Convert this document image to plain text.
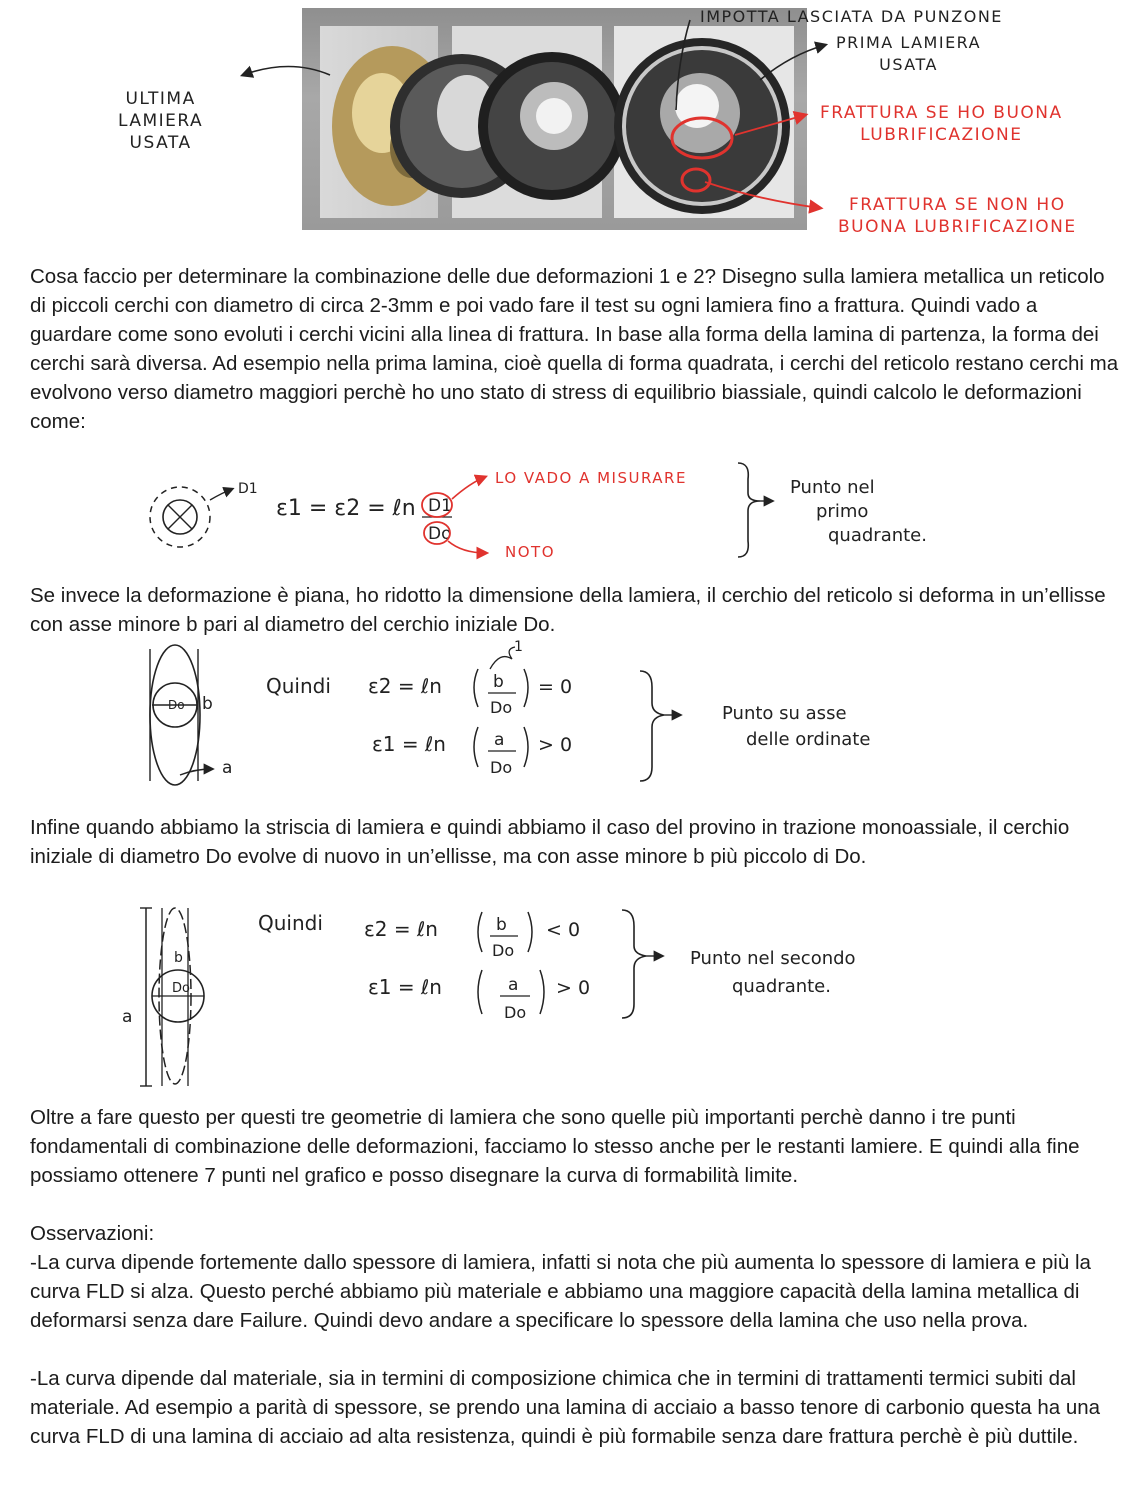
ULTIMA
LAMIERA
USATA
IMPOTTA LASCIATA DA PUNZONE
PRIMA LAMIERA
USATA
FRATTURA SE HO BUONA
LUBRIFICAZIONE
FRATTURA SE NON HO
BUONA LUBRIFICAZIONE

Cosa faccio per determinare la combinazione delle due deformazioni 1 e 2? Disegno sulla lamiera metallica un reticolo di piccoli cerchi con diametro di circa 2-3mm e poi vado fare il test su ogni lamiera fino a frattura. Quindi vado a guardare come sono evoluti i cerchi vicini alla linea di frattura. In base alla forma della lamina di partenza, la forma dei cerchi sarà diversa. Ad esempio nella prima lamina, cioè quella di forma quadrata, i cerchi del reticolo restano cerchi ma evolvono verso diametro maggiori perchè ho uno stato di stress di equilibrio biassiale, quindi calcolo le deformazioni come:

D1
ε1 = ε2 = ℓn D1
Do
LO VADO A MISURARE
NOTO
Punto nel
primo
quadrante.

Se invece la deformazione è piana, ho ridotto la dimensione della lamiera, il cerchio del reticolo si deforma in un’ellisse con asse minore b pari al diametro del cerchio iniziale Do.

Do b
a
Quindi ε2 = ℓn	b
Do
= 0
1
ε1 = ℓn	a
Do
> 0
Punto su asse
delle ordinate

Infine quando abbiamo la striscia di lamiera e quindi abbiamo il caso del provino in trazione monoassiale, il cerchio iniziale di diametro Do evolve di nuovo in un’ellisse, ma con asse minore b più piccolo di Do.

a
Do
b
Quindi ε2 = ℓn	b
Do
< 0
ε1 = ℓn	a
Do
> 0
Punto nel secondo
quadrante.

Oltre a fare questo per questi tre geometrie di lamiera che sono quelle più importanti perchè danno i tre punti fondamentali di combinazione delle deformazioni, facciamo lo stesso anche per le restanti lamiere. E quindi alla fine possiamo ottenere 7 punti nel grafico e posso disegnare la curva di formabilità limite.

Osservazioni:

-La curva dipende fortemente dallo spessore di lamiera, infatti si nota che più aumenta lo spessore di lamiera e più la curva FLD si alza. Questo perché abbiamo più materiale e abbiamo una maggiore capacità della lamina metallica di deformarsi senza dare Failure. Quindi devo andare a specificare lo spessore della lamina che uso nella prova.

-La curva dipende dal materiale, sia in termini di composizione chimica che in termini di trattamenti termici subiti dal materiale. Ad esempio a parità di spessore, se prendo una lamina di acciaio a basso tenore di carbonio questa ha una curva FLD di una lamina di acciaio ad alta resistenza, quindi è più formabile senza dare frattura perchè è più duttile.
